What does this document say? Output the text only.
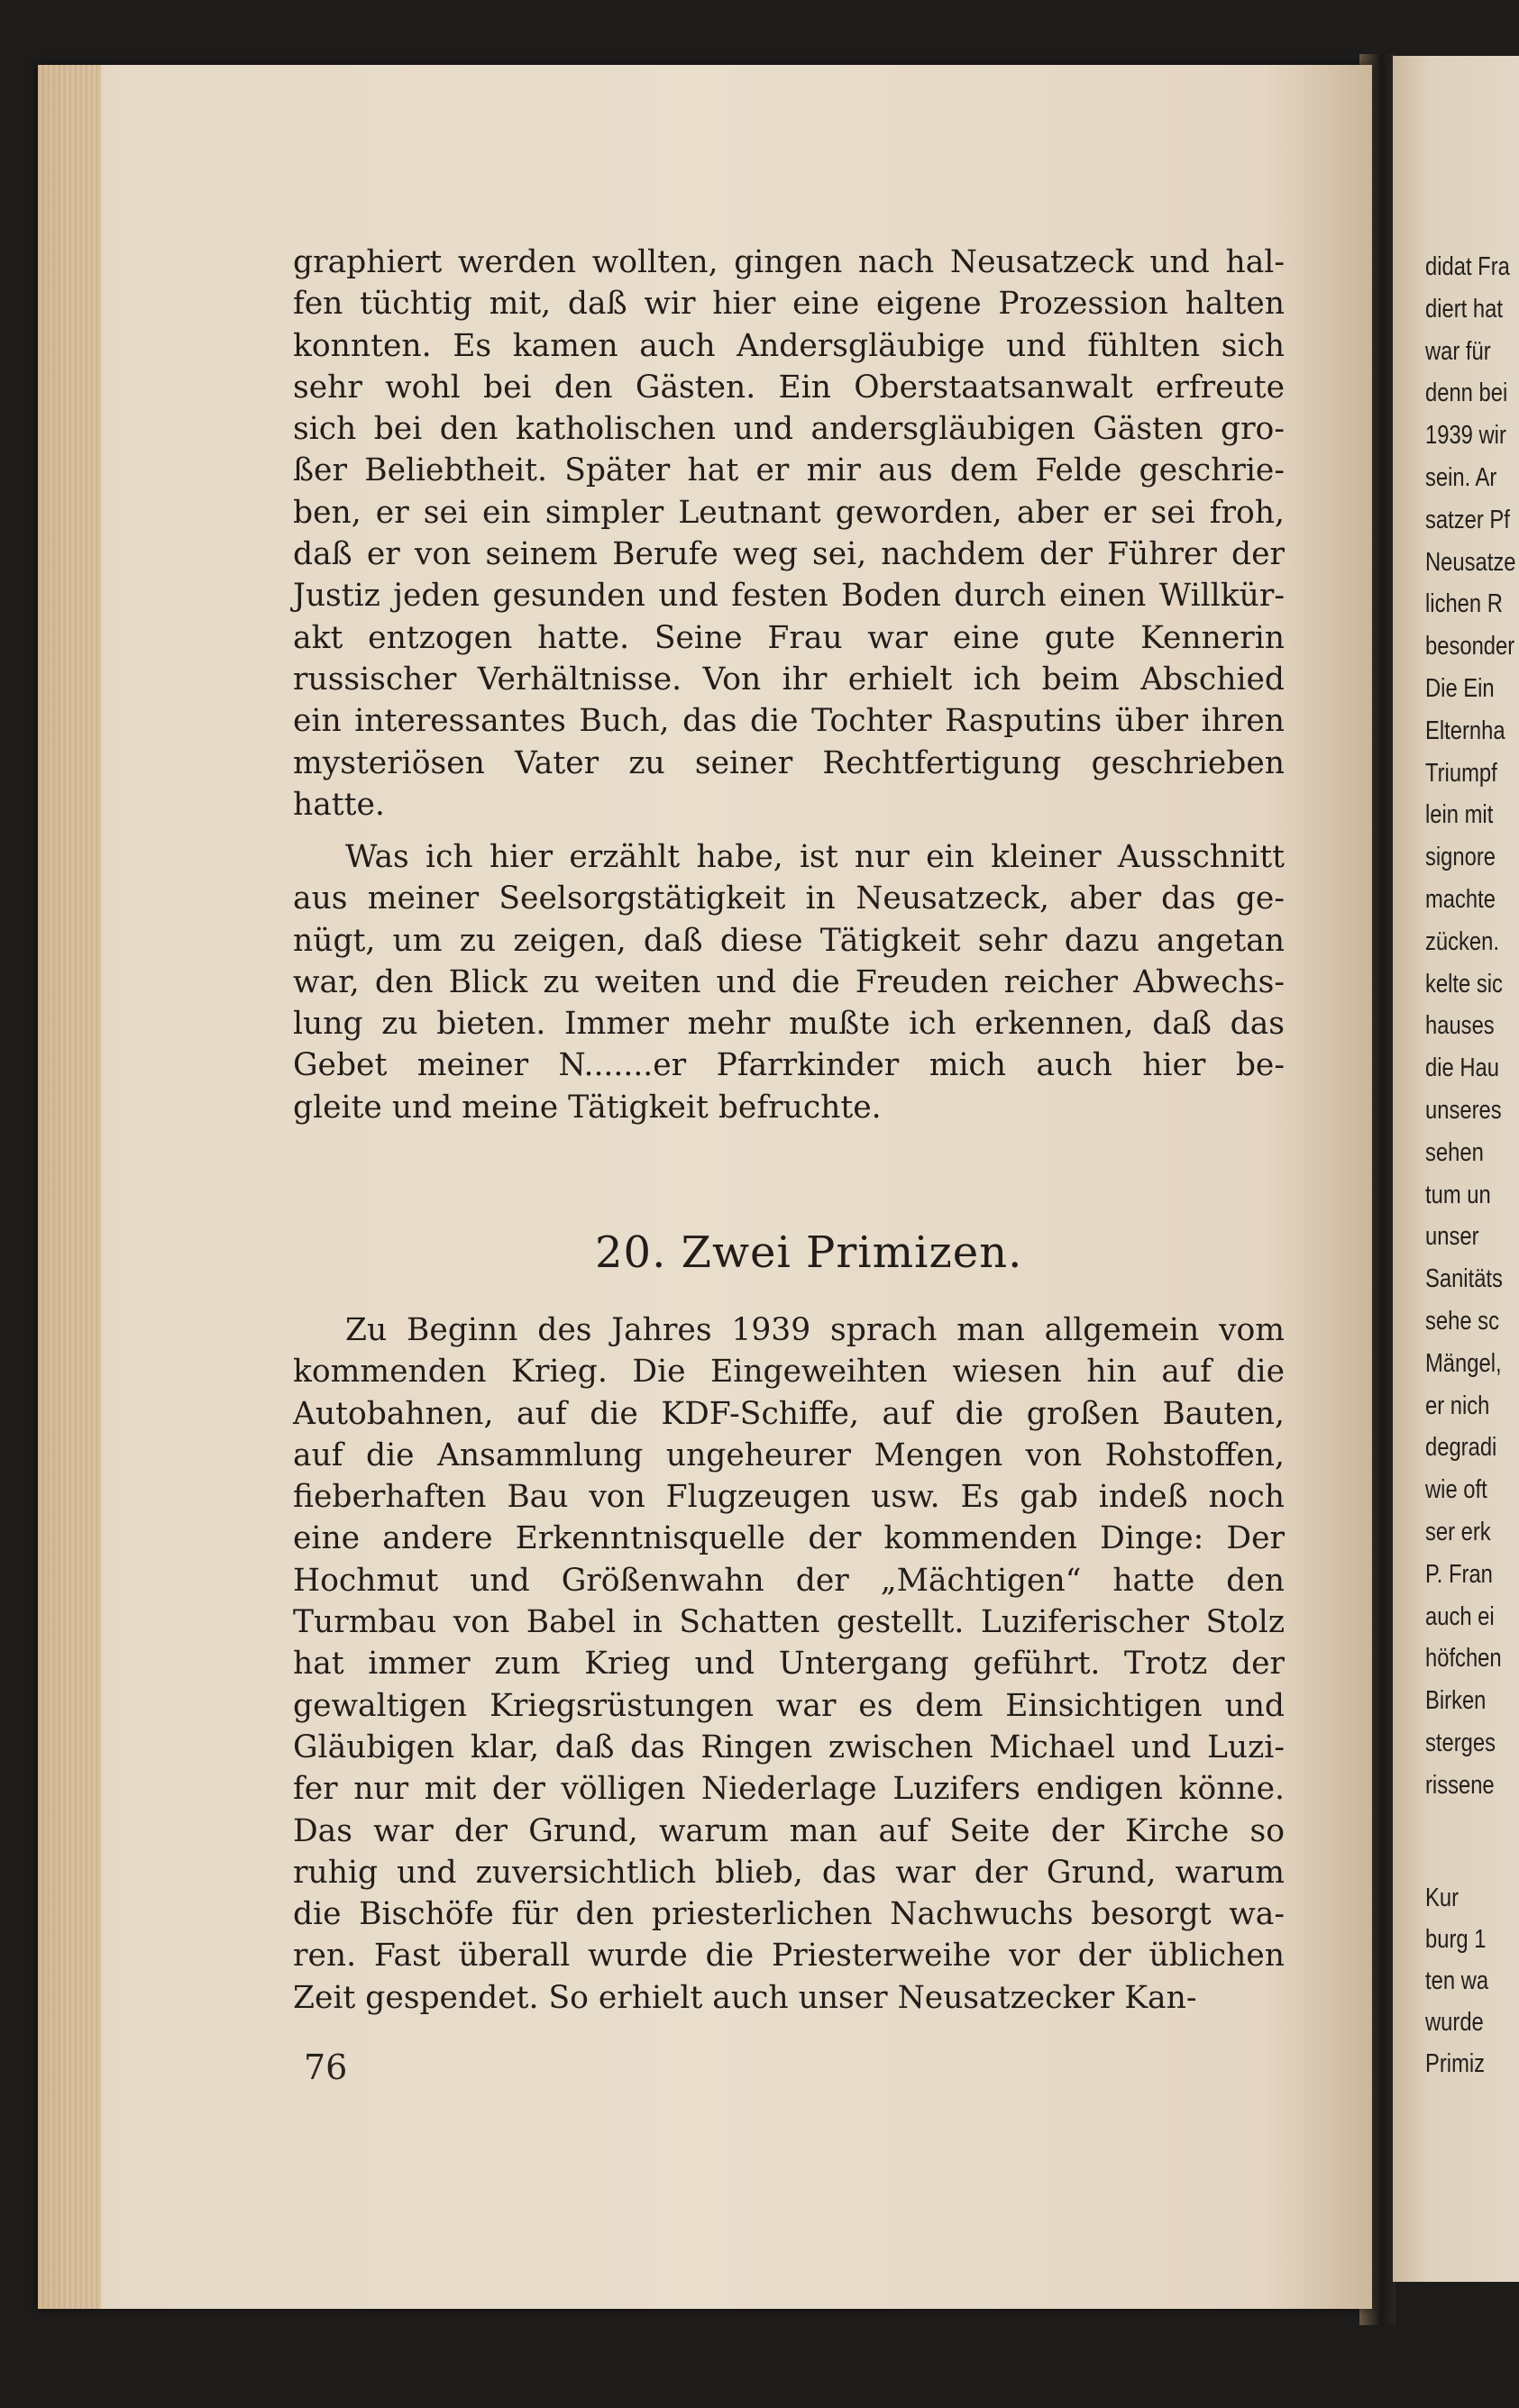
didat Fra
diert hat
war für
denn bei
1939 wir
sein. Ar
satzer Pf
Neusatze
lichen R
besonder
Die Ein
Elternha
Triumpf
lein mit
signore
machte
zücken.
kelte sic
hauses
die Hau
unseres
sehen
tum un
unser
Sanitäts
sehe sc
Mängel,
er nich
degradi
wie oft
ser erk
P. Fran
auch ei
höfchen
Birken
sterges
rissene
Kur
burg 1
ten wa
wurde
Primiz
graphiert werden wollten, gingen nach Neusatzeck und hal-
fen tüchtig mit, daß wir hier eine eigene Prozession halten
konnten. Es kamen auch Andersgläubige und fühlten sich
sehr wohl bei den Gästen. Ein Oberstaatsanwalt erfreute
sich bei den katholischen und andersgläubigen Gästen gro-
ßer Beliebtheit. Später hat er mir aus dem Felde geschrie-
ben, er sei ein simpler Leutnant geworden, aber er sei froh,
daß er von seinem Berufe weg sei, nachdem der Führer der
Justiz jeden gesunden und festen Boden durch einen Willkür-
akt entzogen hatte. Seine Frau war eine gute Kennerin
russischer Verhältnisse. Von ihr erhielt ich beim Abschied
ein interessantes Buch, das die Tochter Rasputins über ihren
mysteriösen Vater zu seiner Rechtfertigung geschrieben
hatte.
Was ich hier erzählt habe, ist nur ein kleiner Ausschnitt
aus meiner Seelsorgstätigkeit in Neusatzeck, aber das ge-
nügt, um zu zeigen, daß diese Tätigkeit sehr dazu angetan
war, den Blick zu weiten und die Freuden reicher Abwechs-
lung zu bieten. Immer mehr mußte ich erkennen, daß das
Gebet meiner N.......er Pfarrkinder mich auch hier be-
gleite und meine Tätigkeit befruchte.
20. Zwei Primizen.
Zu Beginn des Jahres 1939 sprach man allgemein vom
kommenden Krieg. Die Eingeweihten wiesen hin auf die
Autobahnen, auf die KDF-Schiffe, auf die großen Bauten,
auf die Ansammlung ungeheurer Mengen von Rohstoffen,
fieberhaften Bau von Flugzeugen usw. Es gab indeß noch
eine andere Erkenntnisquelle der kommenden Dinge: Der
Hochmut und Größenwahn der „Mächtigen“ hatte den
Turmbau von Babel in Schatten gestellt. Luziferischer Stolz
hat immer zum Krieg und Untergang geführt. Trotz der
gewaltigen Kriegsrüstungen war es dem Einsichtigen und
Gläubigen klar, daß das Ringen zwischen Michael und Luzi-
fer nur mit der völligen Niederlage Luzifers endigen könne.
Das war der Grund, warum man auf Seite der Kirche so
ruhig und zuversichtlich blieb, das war der Grund, warum
die Bischöfe für den priesterlichen Nachwuchs besorgt wa-
ren. Fast überall wurde die Priesterweihe vor der üblichen
Zeit gespendet. So erhielt auch unser Neusatzecker Kan-
76
